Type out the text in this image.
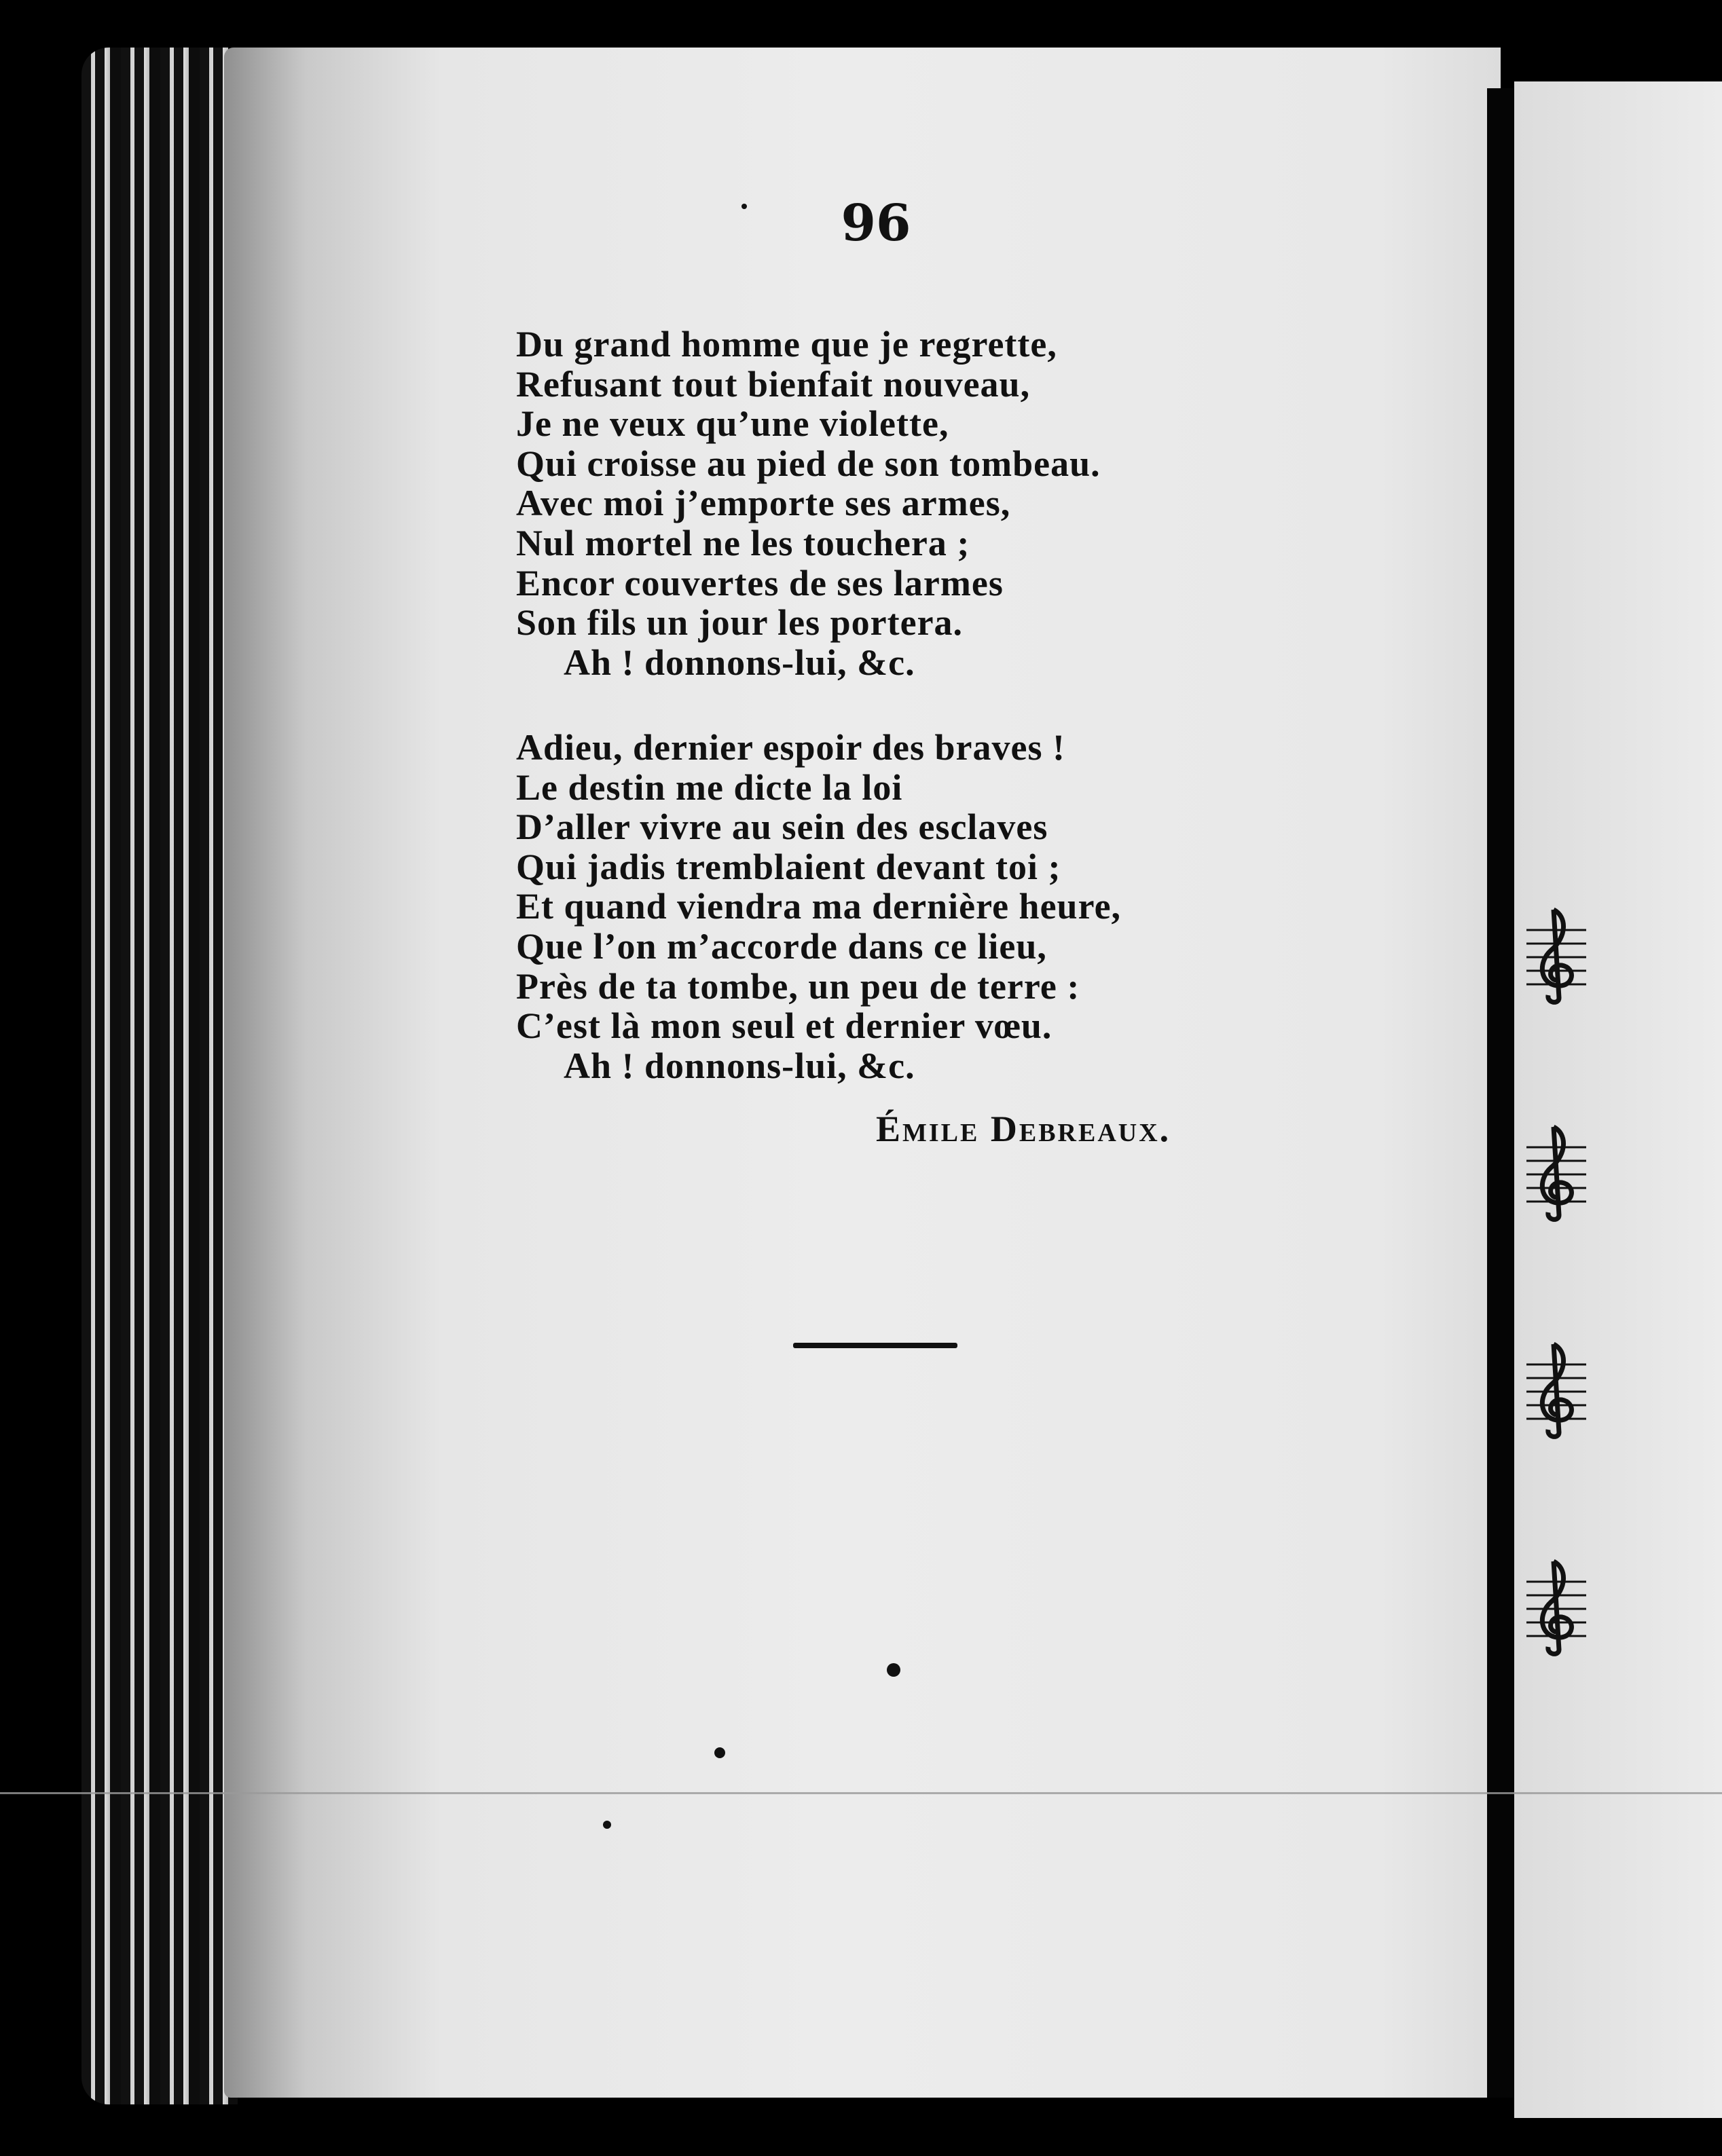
96
Du grand homme que je regrette,
Refusant tout bienfait nouveau,
Je ne veux qu’une violette,
Qui croisse au pied de son tombeau.
Avec moi j’emporte ses armes,
Nul mortel ne les touchera ;
Encor couvertes de ses larmes
Son fils un jour les portera.
Ah ! donnons-lui, &c.
Adieu, dernier espoir des braves !
Le destin me dicte la loi
D’aller vivre au sein des esclaves
Qui jadis tremblaient devant toi ;
Et quand viendra ma dernière heure,
Que l’on m’accorde dans ce lieu,
Près de ta tombe, un peu de terre :
C’est là mon seul et dernier vœu.
Ah ! donnons-lui, &c.
Émile Debreaux.
